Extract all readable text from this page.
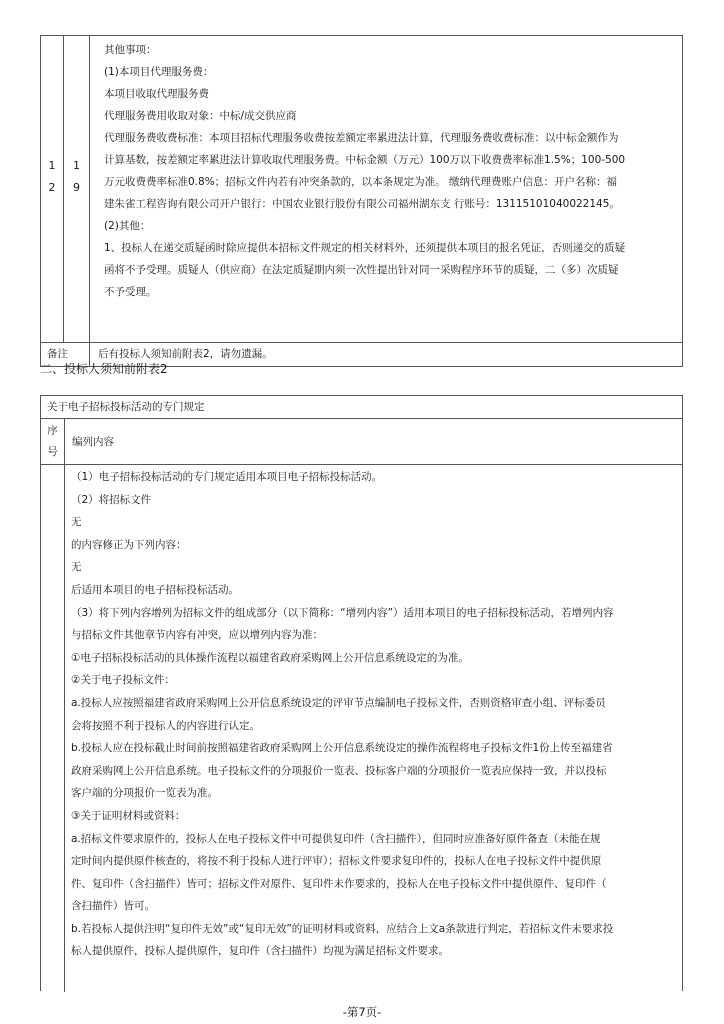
1
2
1
9
其他事项：
(1)本项目代理服务费：
本项目收取代理服务费
代理服务费用收取对象：中标/成交供应商
代理服务费收费标准：本项目招标代理服务收费按差额定率累进法计算，代理服务费收费标准：以中标金额作为
计算基数，按差额定率累进法计算收取代理服务费。中标金额（万元）100万以下收费费率标准1.5%；100-500
万元收费费率标准0.8%；招标文件内若有冲突条款的，以本条规定为准。 缴纳代理费账户信息：开户名称：福
建朱雀工程咨询有限公司开户银行：中国农业银行股份有限公司福州湖东支 行账号：13115101040022145。
(2)其他：
1、投标人在递交质疑函时除应提供本招标文件规定的相关材料外，还须提供本项目的报名凭证，否则递交的质疑
函将不予受理。质疑人（供应商）在法定质疑期内须一次性提出针对同一采购程序环节的质疑，二（多）次质疑
不予受理。
备注	后有投标人须知前附表2，请勿遗漏。
二、投标人须知前附表2
关于电子招标投标活动的专门规定
序
号
编列内容
（1）电子招标投标活动的专门规定适用本项目电子招标投标活动。
（2）将招标文件
无
的内容修正为下列内容：
无
后适用本项目的电子招标投标活动。
（3）将下列内容增列为招标文件的组成部分（以下简称：“增列内容”）适用本项目的电子招标投标活动，若增列内容
与招标文件其他章节内容有冲突，应以增列内容为准：
①电子招标投标活动的具体操作流程以福建省政府采购网上公开信息系统设定的为准。
②关于电子投标文件：
a.投标人应按照福建省政府采购网上公开信息系统设定的评审节点编制电子投标文件，否则资格审查小组、评标委员
会将按照不利于投标人的内容进行认定。
b.投标人应在投标截止时间前按照福建省政府采购网上公开信息系统设定的操作流程将电子投标文件1份上传至福建省
政府采购网上公开信息系统。电子投标文件的分项报价一览表、投标客户端的分项报价一览表应保持一致，并以投标
客户端的分项报价一览表为准。
③关于证明材料或资料：
a.招标文件要求原件的，投标人在电子投标文件中可提供复印件（含扫描件），但同时应准备好原件备查（未能在规
定时间内提供原件核查的，将按不利于投标人进行评审）；招标文件要求复印件的，投标人在电子投标文件中提供原
件、复印件（含扫描件）皆可；招标文件对原件、复印件未作要求的，投标人在电子投标文件中提供原件、复印件（
含扫描件）皆可。
b.若投标人提供注明“复印件无效”或“复印无效”的证明材料或资料，应结合上文a条款进行判定，若招标文件未要求投
标人提供原件，投标人提供原件，复印件（含扫描件）均视为满足招标文件要求。
-第7页-
